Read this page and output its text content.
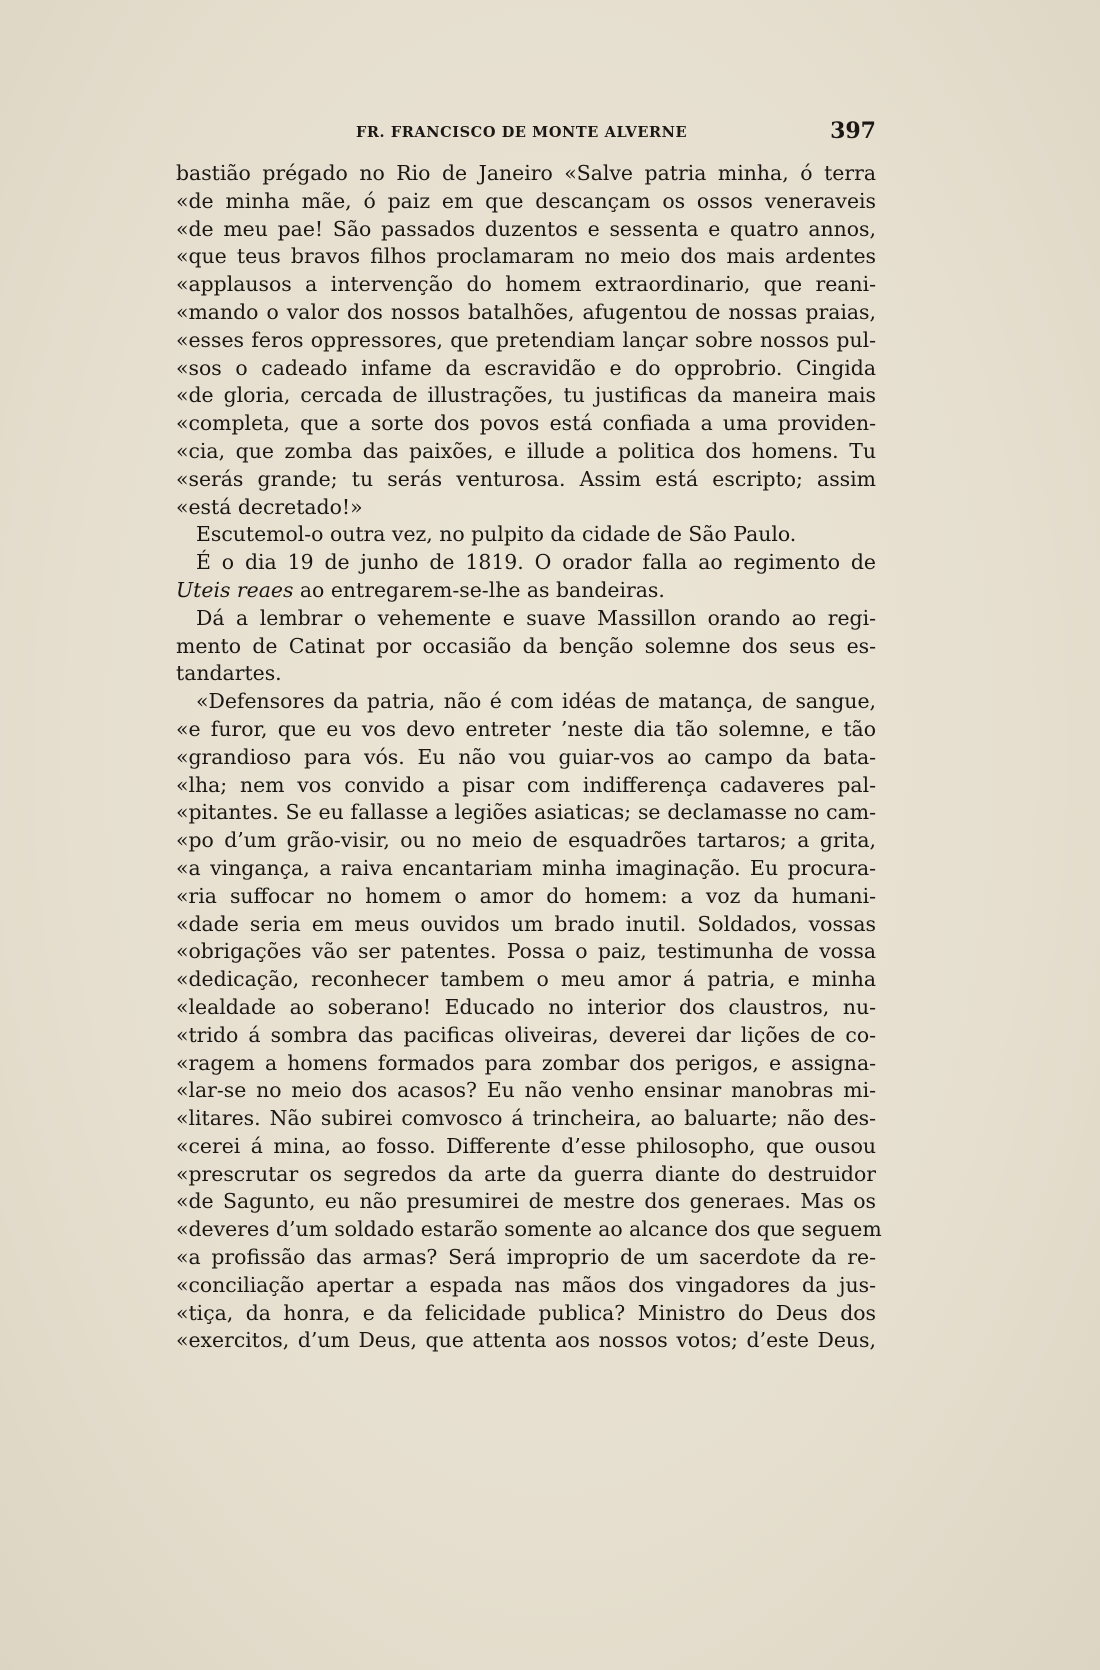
FR. FRANCISCO DE MONTE ALVERNE	397
bastião prégado no Rio de Janeiro «Salve patria minha, ó terra
«de minha mãe, ó paiz em que descançam os ossos veneraveis
«de meu pae! São passados duzentos e sessenta e quatro annos,
«que teus bravos filhos proclamaram no meio dos mais ardentes
«applausos a intervenção do homem extraordinario, que reani-
«mando o valor dos nossos batalhões, afugentou de nossas praias,
«esses feros oppressores, que pretendiam lançar sobre nossos pul-
«sos o cadeado infame da escravidão e do opprobrio. Cingida
«de gloria, cercada de illustrações, tu justificas da maneira mais
«completa, que a sorte dos povos está confiada a uma providen-
«cia, que zomba das paixões, e illude a politica dos homens. Tu
«serás grande; tu serás venturosa. Assim está escripto; assim
«está decretado!»
Escutemol-o outra vez, no pulpito da cidade de São Paulo.
É o dia 19 de junho de 1819. O orador falla ao regimento de
Uteis reaes ao entregarem-se-lhe as bandeiras.
Dá a lembrar o vehemente e suave Massillon orando ao regi-
mento de Catinat por occasião da benção solemne dos seus es-
tandartes.
«Defensores da patria, não é com idéas de matança, de sangue,
«e furor, que eu vos devo entreter ’neste dia tão solemne, e tão
«grandioso para vós. Eu não vou guiar-vos ao campo da bata-
«lha; nem vos convido a pisar com indifferença cadaveres pal-
«pitantes. Se eu fallasse a legiões asiaticas; se declamasse no cam-
«po d’um grão-visir, ou no meio de esquadrões tartaros; a grita,
«a vingança, a raiva encantariam minha imaginação. Eu procura-
«ria suffocar no homem o amor do homem: a voz da humani-
«dade seria em meus ouvidos um brado inutil. Soldados, vossas
«obrigações vão ser patentes. Possa o paiz, testimunha de vossa
«dedicação, reconhecer tambem o meu amor á patria, e minha
«lealdade ao soberano! Educado no interior dos claustros, nu-
«trido á sombra das pacificas oliveiras, deverei dar lições de co-
«ragem a homens formados para zombar dos perigos, e assigna-
«lar-se no meio dos acasos? Eu não venho ensinar manobras mi-
«litares. Não subirei comvosco á trincheira, ao baluarte; não des-
«cerei á mina, ao fosso. Differente d’esse philosopho, que ousou
«prescrutar os segredos da arte da guerra diante do destruidor
«de Sagunto, eu não presumirei de mestre dos generaes. Mas os
«deveres d’um soldado estarão somente ao alcance dos que seguem
«a profissão das armas? Será improprio de um sacerdote da re-
«conciliação apertar a espada nas mãos dos vingadores da jus-
«tiça, da honra, e da felicidade publica? Ministro do Deus dos
«exercitos, d’um Deus, que attenta aos nossos votos; d’este Deus,
